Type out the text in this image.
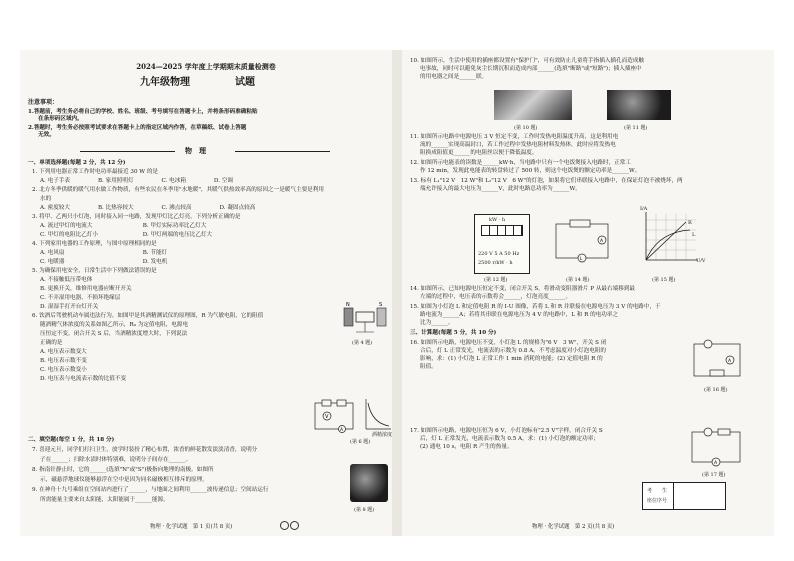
2024—2025 学年度上学期期末质量检测卷
九年级物理	试题
注意事项：
1.答题前，考生务必将自己的学校、姓名、班级、考号填写在答题卡上，并将条形码准确粘贴
在条形码区域内。
2.答题时，考生务必按照考试要求在答题卡上的指定区域内作答，在草稿纸、试卷上答题
无效。
物　理
N	S
(第 4 题)
V
A
酒精浓度
(第 6 题)
(第 8 题)
物理 · 化学试题　第 1 页(共 8 页)
一、单项选择题(每题 2 分，共 12 分)
1. 下列用电器正常工作时电功率最接近 30 W 的是
A. 电子手表　　　　　B. 家用照明灯　　　　　C. 电冰箱　　　　　D. 空调
2. 北方冬季供暖的暖气用水做工作物质，有些农民在冬季用"水地暖"，其暖气供热效率高的原因之一是暖气主要是利用
水的
A. 密度较大　　　　　B. 比热容较大　　　　　C. 沸点较高　　　　　D. 凝固点较高
3. 将甲、乙两只小灯泡，同时接入同一电路，发现甲灯比乙灯亮，下列分析正确的是
A. 流过甲灯的电流大　　　　　　　　　B. 甲灯实际功率比乙灯大
C. 甲灯的电阻比乙灯小　　　　　　　　D. 甲灯两端的电压比乙灯大
4. 下列家用电器的工作原理，与图中原理相同的是
A. 电风扇　　　　　　　　　　　　　　B. 节能灯
C. 电暖器　　　　　　　　　　　　　　D. 发电机
5. 为确保用电安全，日常生活中下列做法错误的是
A. 不接触低压带电体
B. 更换开关，维修用电器应断开开关
C. 不弄湿用电器，不损坏绝缘层
D. 湿湿手打开台灯开关
6. 饮酒后驾驶机动车属违法行为。如图甲是其酒精测试仪的原理图，R 为气敏电阻，它的阻值
随酒精气体浓度的关系如图乙所示，R₀ 为定值电阻，电源电
压恒定不变。闭合开关 S 后，当酒精浓度增大时，下列说法
正确的是
A. 电压表示数变大
B. 电压表示数不变
C. 电压表示数变小
D. 电压表与电流表示数的比值不变
二、填空题(每空 1 分，共 18 分)
7. 喜迎元旦，同学们打扫卫生，放学时装扮了精心布置，浓香的鲜花散发淡淡清香，说明分
子在______；扫除水渍时体特别难，说明分子间存在______。
8. 指南针静止时，它的______(选填"N"或"S")极指向地理的南极。如图所
示，磁悬浮地球仪能够悬浮在空中是因为同名磁极相互排斥的原理。
9. 在神舟十九号乘组在空间站内进行了______，与地面之间利用______波传递信息；空间站运行
所需能量主要来自太阳能，太阳能属于______能源。
(第 10 题)	(第 11 题)
kW · h
220 V 5 A 50 Hz
2500 r/kW · h
(第 12 题)
A
L
(第 14 题)
I/A
U/V
R
L
(第 15 题)
A
(第 16 题)
A
(第 17 题)
考　　生
座位序号
物理 · 化学试题　第 2 页(共 8 页)
10. 如图所示，生活中使用的插座都设置有"保护门"，可有效防止儿童将手指插入插孔而造成触
电事故，同时可以避免灰尘长期沉积而造成内部______(选填"断路"或"短路")；插入插座中
的用电器之间是______联。
11. 如图所示电路中电源电压 3 V 恒定不变，工作时发热电阻温度升高，这是利用电
流的______实现高温封口，若工作过程中发热电阻材料发热体，此时应将发热电
阻换成阻值更______的电阻丝以便于降低温度。
12. 如图所示电能表的读数是______kW·h，当电路中只有一个电饭煲接入电路时，正常工
作 12 min，发现此电能表的转盘转过了 500 转，则这个电饭煲的额定功率是______W。
13. 标有 L₁"12 V　12 W"和 L₂"12 V　6 W"的灯泡，如果将它们串联接入电路中，在保证灯泡不被烧坏，两
端允许接入的最大电压为______V，此时电路总功率为______W。
14. 如图所示，已知电源电压恒定不变，闭合开关 S，将滑动变阻器滑片 P 从最右端移到最
左端的过程中，电压表的示数将会______，灯泡亮度______。
15. 如图为小灯泡 L 和定值电阻 R 的 I-U 图像，若将 L 和 R 并联接在电源电压为 3 V 的电路中，干
路电流为______A；若将其串联在电源电压为 4 V 的电路中，L 和 R 的电功率之
比为______。
三、计算题(每题 5 分，共 10 分)
16. 如图所示电路，电源电压不变，小灯泡 L 的规格为"6 V　3 W"，开关 S 闭
合后，灯 L 正常发光，电流表的示数为 0.8 A。不考虑温度对小灯泡电阻的
影响，求：(1) 小灯泡 L 正常工作 1 min 消耗的电能；(2) 定值电阻 R 的
阻值。
17. 如图所示电路，电源电压恒为 6 V，小灯泡标有"2.5 V"字样，闭合开关 S
后，灯 L 正常发光，电流表示数为 0.5 A，求：(1) 小灯泡的额定功率；
(2) 通电 10 s，电阻 R 产生的热量。
